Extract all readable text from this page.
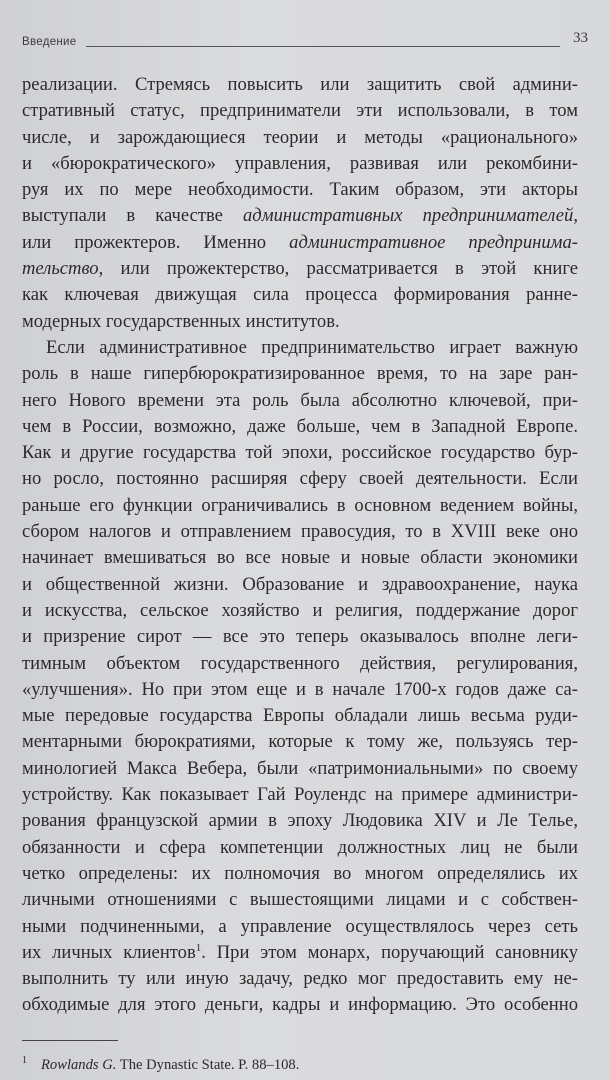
Введение	33

реализации. Стремясь повысить или защитить свой админи-
стративный статус, предприниматели эти использовали, в том
числе, и зарождающиеся теории и методы «рационального»
и «бюрократического» управления, развивая или рекомбини-
руя их по мере необходимости. Таким образом, эти акторы
выступали в качестве административных предпринимателей,
или прожектеров. Именно административное предпринима-
тельство, или прожектерство, рассматривается в этой книге
как ключевая движущая сила процесса формирования ранне-
модерных государственных институтов.

Если административное предпринимательство играет важную
роль в наше гипербюрократизированное время, то на заре ран-
него Нового времени эта роль была абсолютно ключевой, при-
чем в России, возможно, даже больше, чем в Западной Европе.
Как и другие государства той эпохи, российское государство бур-
но росло, постоянно расширяя сферу своей деятельности. Если
раньше его функции ограничивались в основном ведением войны,
сбором налогов и отправлением правосудия, то в XVIII веке оно
начинает вмешиваться во все новые и новые области экономики
и общественной жизни. Образование и здравоохранение, наука
и искусства, сельское хозяйство и религия, поддержание дорог
и призрение сирот — все это теперь оказывалось вполне леги-
тимным объектом государственного действия, регулирования,
«улучшения». Но при этом еще и в начале 1700-х годов даже са-
мые передовые государства Европы обладали лишь весьма руди-
ментарными бюрократиями, которые к тому же, пользуясь тер-
минологией Макса Вебера, были «патримониальными» по своему
устройству. Как показывает Гай Роулендс на примере администри-
рования французской армии в эпоху Людовика XIV и Ле Телье,
обязанности и сфера компетенции должностных лиц не были
четко определены: их полномочия во многом определялись их
личными отношениями с вышестоящими лицами и с собствен-
ными подчиненными, а управление осуществлялось через сеть
их личных клиентов$^1$. При этом монарх, поручающий сановнику
выполнить ту или иную задачу, редко мог предоставить ему не-
обходимые для этого деньги, кадры и информацию. Это особенно

$^1$ Rowlands G. The Dynastic State. P. 88–108.
